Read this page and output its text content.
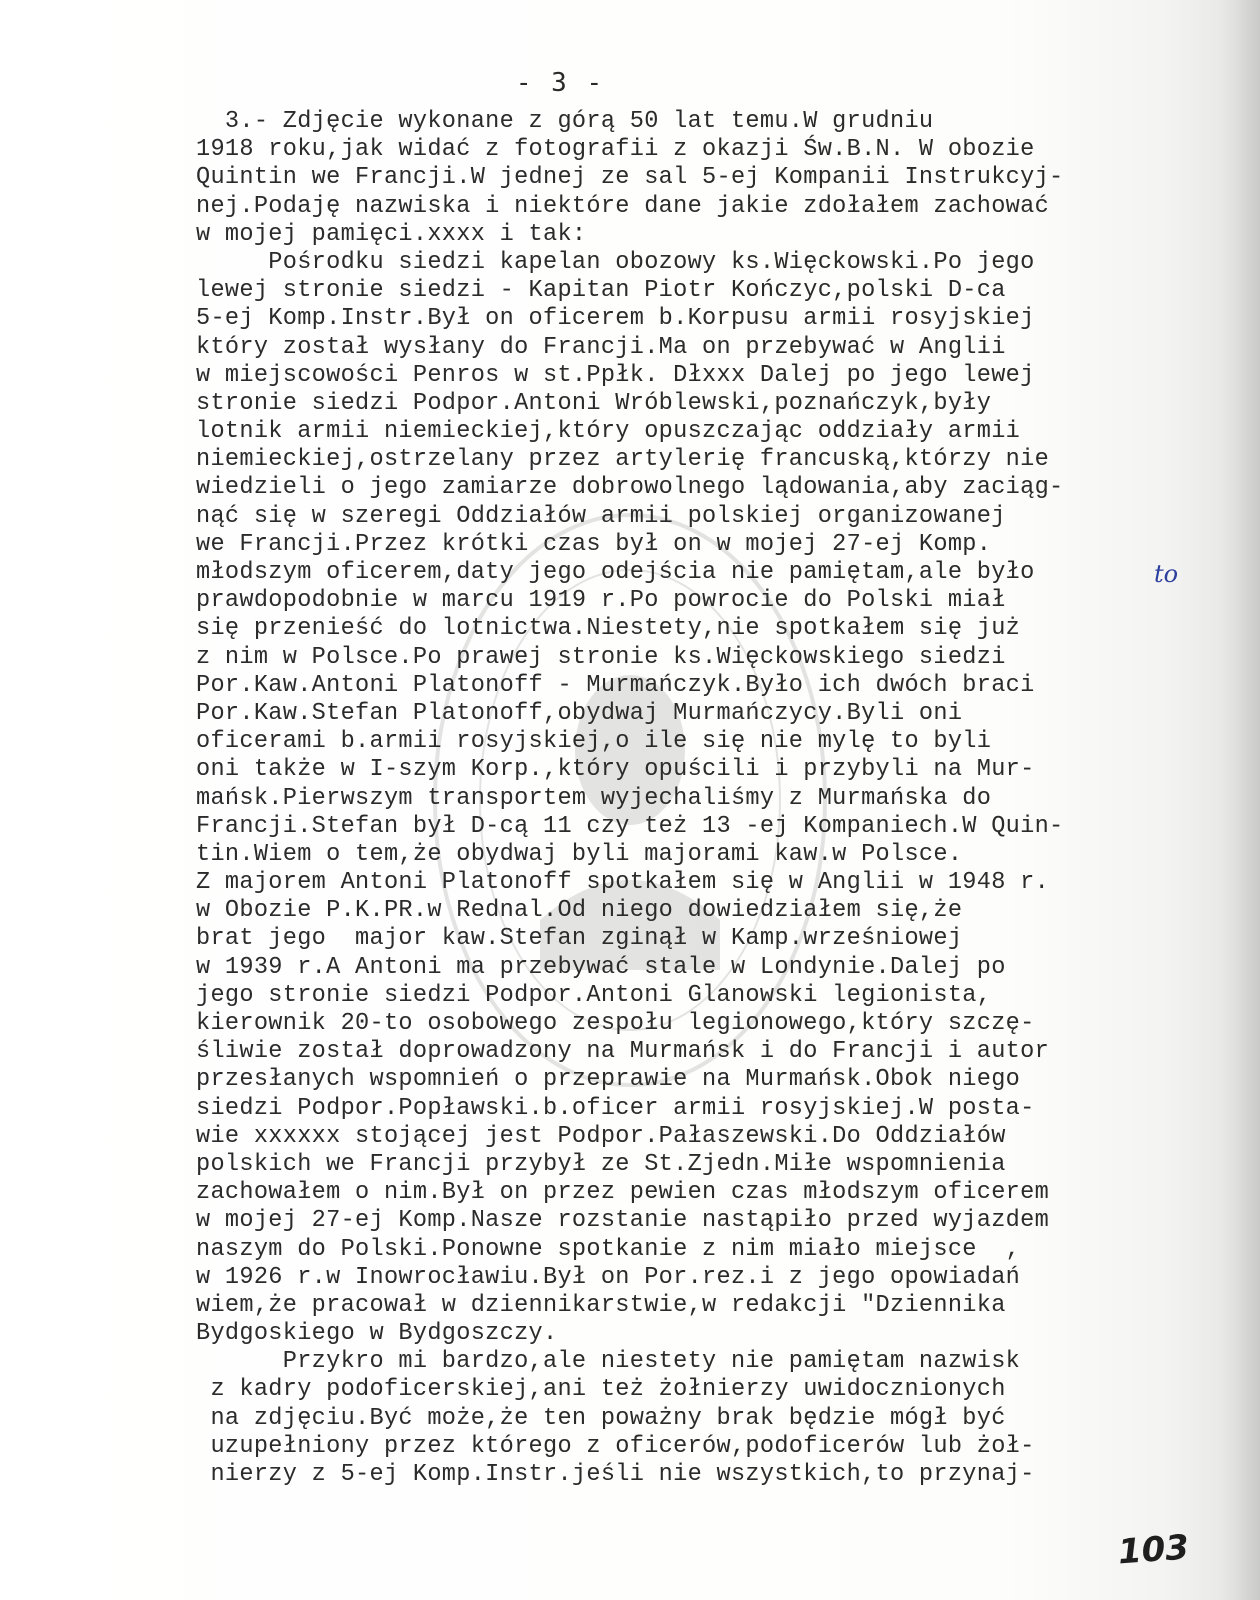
- 3 -
3.- Zdjęcie wykonane z górą 50 lat temu.W grudniu
1918 roku,jak widać z fotografii z okazji Św.B.N. W obozie
Quintin we Francji.W jednej ze sal 5-ej Kompanii Instrukcyj-
nej.Podaję nazwiska i niektóre dane jakie zdołałem zachować
w mojej pamięci.xxxx i tak:
Pośrodku siedzi kapelan obozowy ks.Więckowski.Po jego
lewej stronie siedzi - Kapitan Piotr Kończyc,polski D-ca
5-ej Komp.Instr.Był on oficerem b.Korpusu armii rosyjskiej
który został wysłany do Francji.Ma on przebywać w Anglii
w miejscowości Penros w st.Ppłk. Dłxxx Dalej po jego lewej
stronie siedzi Podpor.Antoni Wróblewski,poznańczyk,były
lotnik armii niemieckiej,który opuszczając oddziały armii
niemieckiej,ostrzelany przez artylerię francuską,którzy nie
wiedzieli o jego zamiarze dobrowolnego lądowania,aby zaciąg-
nąć się w szeregi Oddziałów armii polskiej organizowanej
we Francji.Przez krótki czas był on w mojej 27-ej Komp.
młodszym oficerem,daty jego odejścia nie pamiętam,ale było
prawdopodobnie w marcu 1919 r.Po powrocie do Polski miał
się przenieść do lotnictwa.Niestety,nie spotkałem się już
z nim w Polsce.Po prawej stronie ks.Więckowskiego siedzi
Por.Kaw.Antoni Platonoff - Murmańczyk.Było ich dwóch braci
Por.Kaw.Stefan Platonoff,obydwaj Murmańczycy.Byli oni
oficerami b.armii rosyjskiej,o ile się nie mylę to byli
oni także w I-szym Korp.,który opuścili i przybyli na Mur-
mańsk.Pierwszym transportem wyjechaliśmy z Murmańska do
Francji.Stefan był D-cą 11 czy też 13 -ej Kompaniech.W Quin-
tin.Wiem o tem,że obydwaj byli majorami kaw.w Polsce.
Z majorem Antoni Platonoff spotkałem się w Anglii w 1948 r.
w Obozie P.K.PR.w Rednal.Od niego dowiedziałem się,że
brat jego  major kaw.Stefan zginął w Kamp.wrześniowej
w 1939 r.A Antoni ma przebywać stale w Londynie.Dalej po
jego stronie siedzi Podpor.Antoni Glanowski legionista,
kierownik 20-to osobowego zespołu legionowego,który szczę-
śliwie został doprowadzony na Murmańsk i do Francji i autor
przesłanych wspomnień o przeprawie na Murmańsk.Obok niego
siedzi Podpor.Popławski.b.oficer armii rosyjskiej.W posta-
wie xxxxxx stojącej jest Podpor.Pałaszewski.Do Oddziałów
polskich we Francji przybył ze St.Zjedn.Miłe wspomnienia
zachowałem o nim.Był on przez pewien czas młodszym oficerem
w mojej 27-ej Komp.Nasze rozstanie nastąpiło przed wyjazdem
naszym do Polski.Ponowne spotkanie z nim miało miejsce  ,
w 1926 r.w Inowrocławiu.Był on Por.rez.i z jego opowiadań
wiem,że pracował w dziennikarstwie,w redakcji "Dziennika
Bydgoskiego w Bydgoszczy.
Przykro mi bardzo,ale niestety nie pamiętam nazwisk
z kadry podoficerskiej,ani też żołnierzy uwidocznionych
na zdjęciu.Być może,że ten poważny brak będzie mógł być
uzupełniony przez którego z oficerów,podoficerów lub żoł-
nierzy z 5-ej Komp.Instr.jeśli nie wszystkich,to przynaj-
to
103
